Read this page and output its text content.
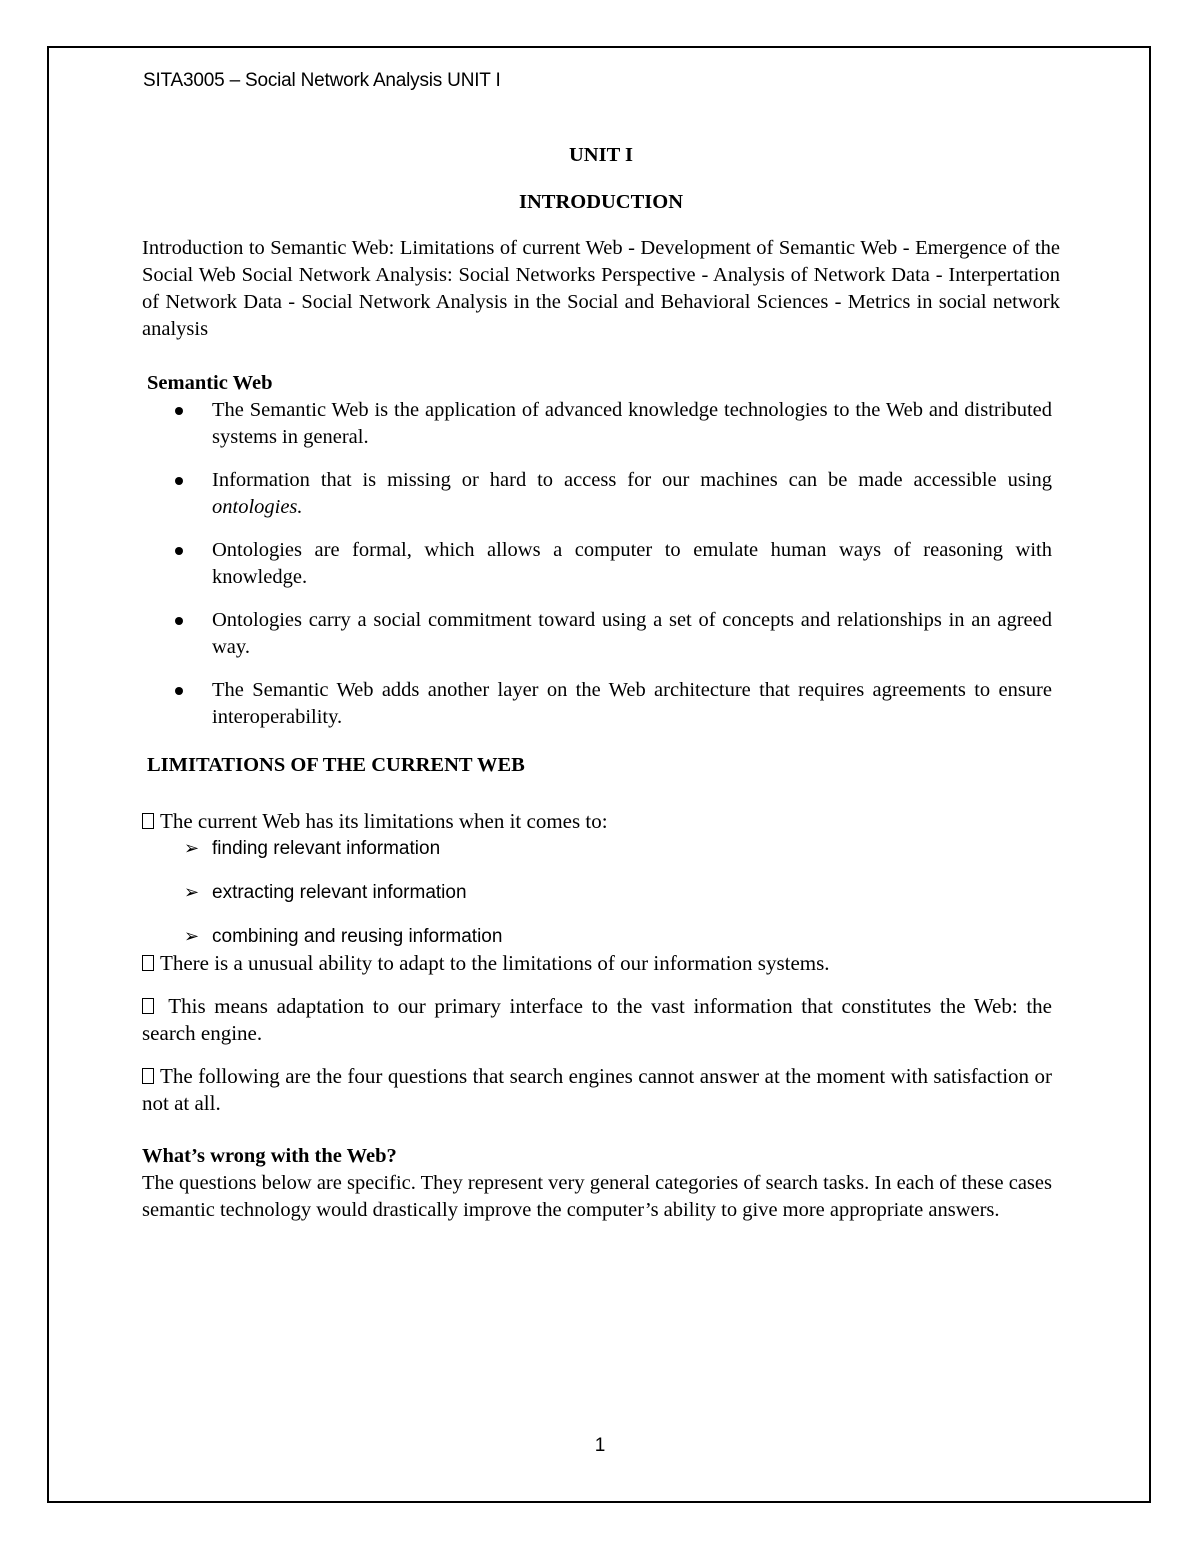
SITA3005 – Social Network Analysis UNIT I

UNIT I

INTRODUCTION

Introduction to Semantic Web: Limitations of current Web - Development of Semantic Web - Emergence of the Social Web Social Network Analysis: Social Networks Perspective - Analysis of Network Data - Interpertation of Network Data - Social Network Analysis in the Social and Behavioral Sciences - Metrics in social network analysis

Semantic Web

The Semantic Web is the application of advanced knowledge technologies to the Web and distributed systems in general.
Information that is missing or hard to access for our machines can be made accessible using ontologies.
Ontologies are formal, which allows a computer to emulate human ways of reasoning with knowledge.
Ontologies carry a social commitment toward using a set of concepts and relationships in an agreed way.
The Semantic Web adds another layer on the Web architecture that requires agreements to ensure interoperability.

LIMITATIONS OF THE CURRENT WEB

The current Web has its limitations when it comes to:

➢ finding relevant information
➢ extracting relevant information
➢ combining and reusing information

There is a unusual ability to adapt to the limitations of our information systems.

This means adaptation to our primary interface to the vast information that constitutes the Web: the search engine.

The following are the four questions that search engines cannot answer at the moment with satisfaction or not at all.

What’s wrong with the Web?

The questions below are specific. They represent very general categories of search tasks. In each of these cases semantic technology would drastically improve the computer’s ability to give more appropriate answers.

1
